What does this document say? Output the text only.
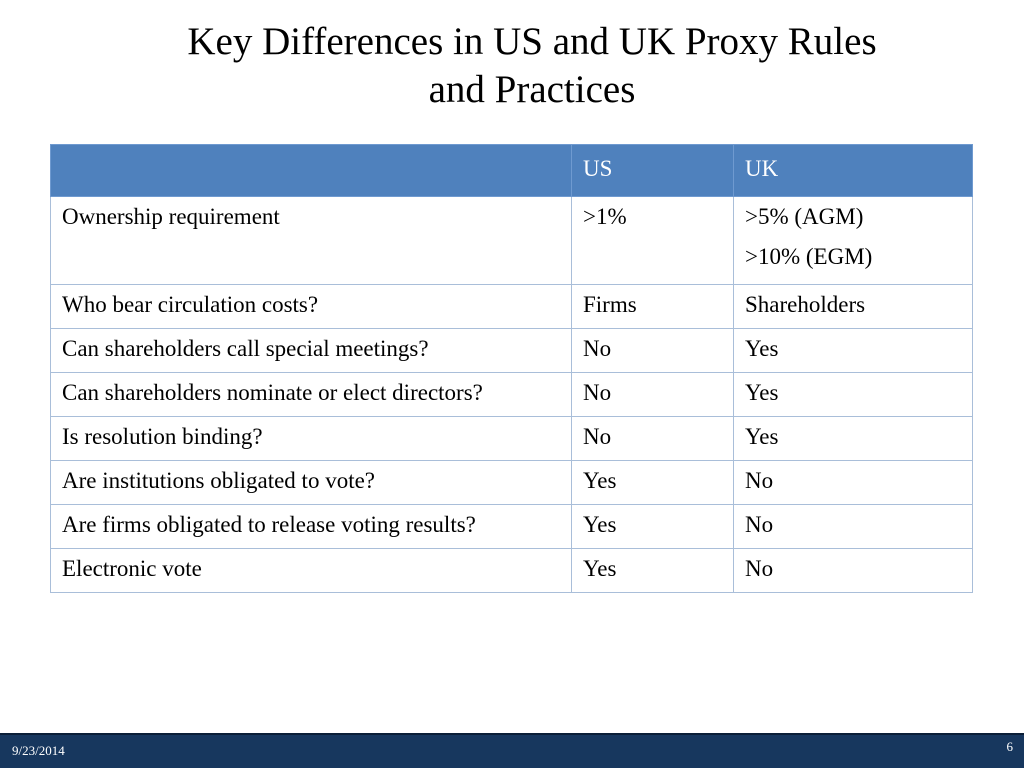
Key Differences in US and UK Proxy Rules
and Practices
	US	UK
Ownership requirement	>1%	>5% (AGM)
>10% (EGM)

Who bear circulation costs?	Firms	Shareholders
Can shareholders call special meetings?	No	Yes
Can shareholders nominate or elect directors?	No	Yes
Is resolution binding?	No	Yes
Are institutions obligated to vote?	Yes	No
Are firms obligated to release voting results?	Yes	No
Electronic vote	Yes	No
9/23/2014	6
